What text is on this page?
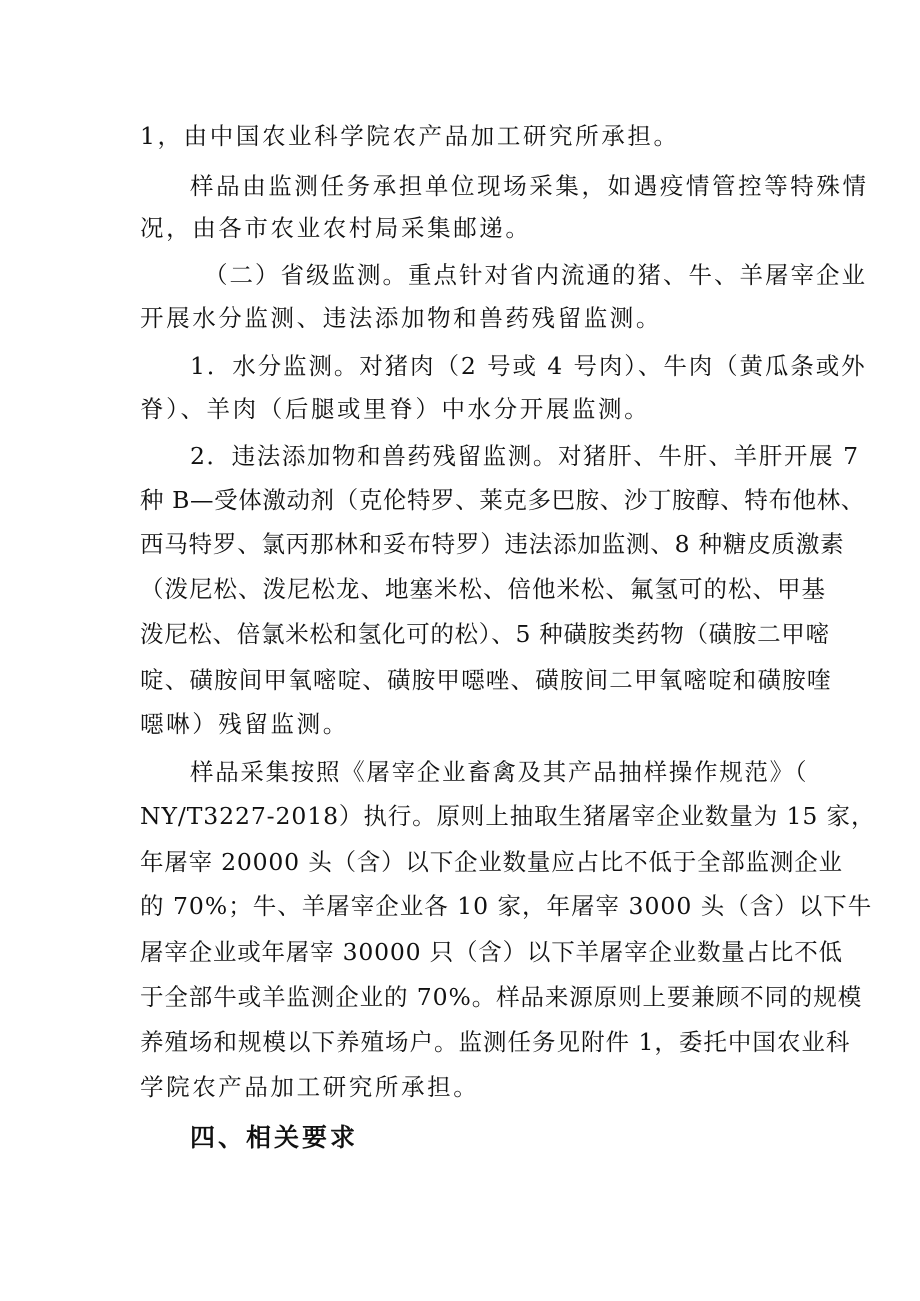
1，由中国农业科学院农产品加工研究所承担。

样品由监测任务承担单位现场采集，如遇疫情管控等特殊情

况，由各市农业农村局采集邮递。

（二）省级监测。重点针对省内流通的猪、牛、羊屠宰企业

开展水分监测、违法添加物和兽药残留监测。

1．水分监测。对猪肉（2 号或 4 号肉）、牛肉（黄瓜条或外

脊）、羊肉（后腿或里脊）中水分开展监测。

2．违法添加物和兽药残留监测。对猪肝、牛肝、羊肝开展 7

种 B—受体激动剂（克伦特罗、莱克多巴胺、沙丁胺醇、特布他林、

西马特罗、氯丙那林和妥布特罗）违法添加监测、8 种糖皮质激素

（泼尼松、泼尼松龙、地塞米松、倍他米松、氟氢可的松、甲基

泼尼松、倍氯米松和氢化可的松）、5 种磺胺类药物（磺胺二甲嘧

啶、磺胺间甲氧嘧啶、磺胺甲噁唑、磺胺间二甲氧嘧啶和磺胺喹

噁啉）残留监测。

样品采集按照《屠宰企业畜禽及其产品抽样操作规范》（

NY/T3227-2018）执行。原则上抽取生猪屠宰企业数量为 15 家，

年屠宰 20000 头（含）以下企业数量应占比不低于全部监测企业

的 70%；牛、羊屠宰企业各 10 家，年屠宰 3000 头（含）以下牛

屠宰企业或年屠宰 30000 只（含）以下羊屠宰企业数量占比不低

于全部牛或羊监测企业的 70%。样品来源原则上要兼顾不同的规模

养殖场和规模以下养殖场户。监测任务见附件 1，委托中国农业科

学院农产品加工研究所承担。

四、相关要求
